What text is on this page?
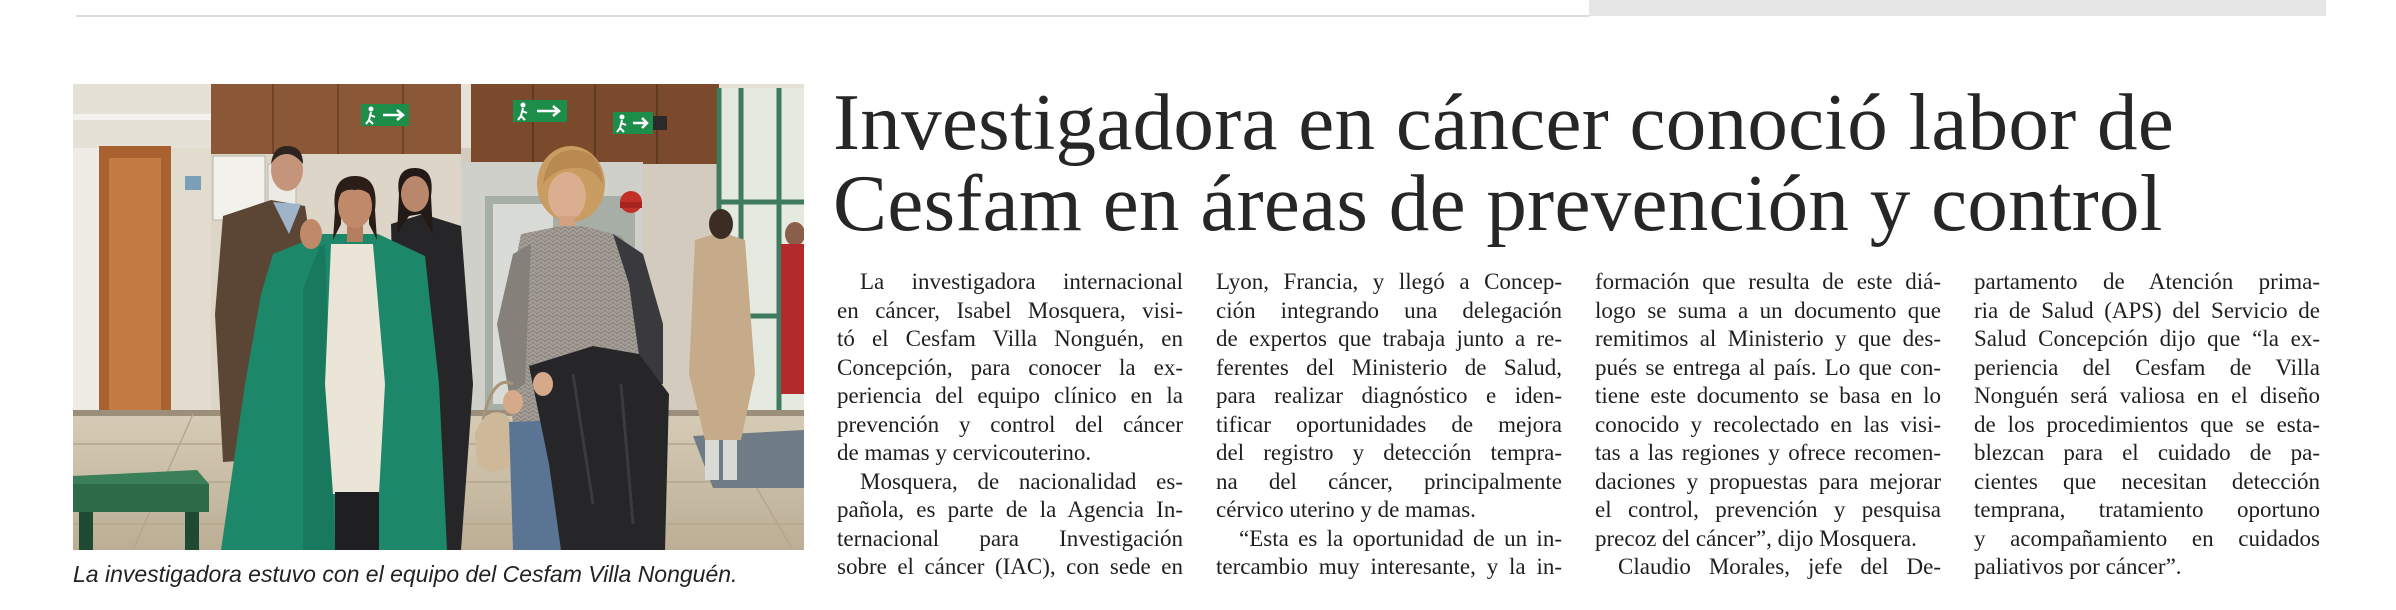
La investigadora estuvo con el equipo del Cesfam Villa Nonguén.
Investigadora en cáncer conoció labor de
Cesfam en áreas de prevención y control
La investigadora internacional
en cáncer, Isabel Mosquera, visi-
tó el Cesfam Villa Nonguén, en
Concepción, para conocer la ex-
periencia del equipo clínico en la
prevención y control del cáncer
de mamas y cervicouterino.
Mosquera, de nacionalidad es-
pañola, es parte de la Agencia In-
ternacional para Investigación
sobre el cáncer (IAC), con sede en
Lyon, Francia, y llegó a Concep-
ción integrando una delegación
de expertos que trabaja junto a re-
ferentes del Ministerio de Salud,
para realizar diagnóstico e iden-
tificar oportunidades de mejora
del registro y detección tempra-
na del cáncer, principalmente
cérvico uterino y de mamas.
“Esta es la oportunidad de un in-
tercambio muy interesante, y la in-
formación que resulta de este diá-
logo se suma a un documento que
remitimos al Ministerio y que des-
pués se entrega al país. Lo que con-
tiene este documento se basa en lo
conocido y recolectado en las visi-
tas a las regiones y ofrece recomen-
daciones y propuestas para mejorar
el control, prevención y pesquisa
precoz del cáncer”, dijo Mosquera.
Claudio Morales, jefe del De-
partamento de Atención prima-
ria de Salud (APS) del Servicio de
Salud Concepción dijo que “la ex-
periencia del Cesfam de Villa
Nonguén será valiosa en el diseño
de los procedimientos que se esta-
blezcan para el cuidado de pa-
cientes que necesitan detección
temprana, tratamiento oportuno
y acompañamiento en cuidados
paliativos por cáncer”.
